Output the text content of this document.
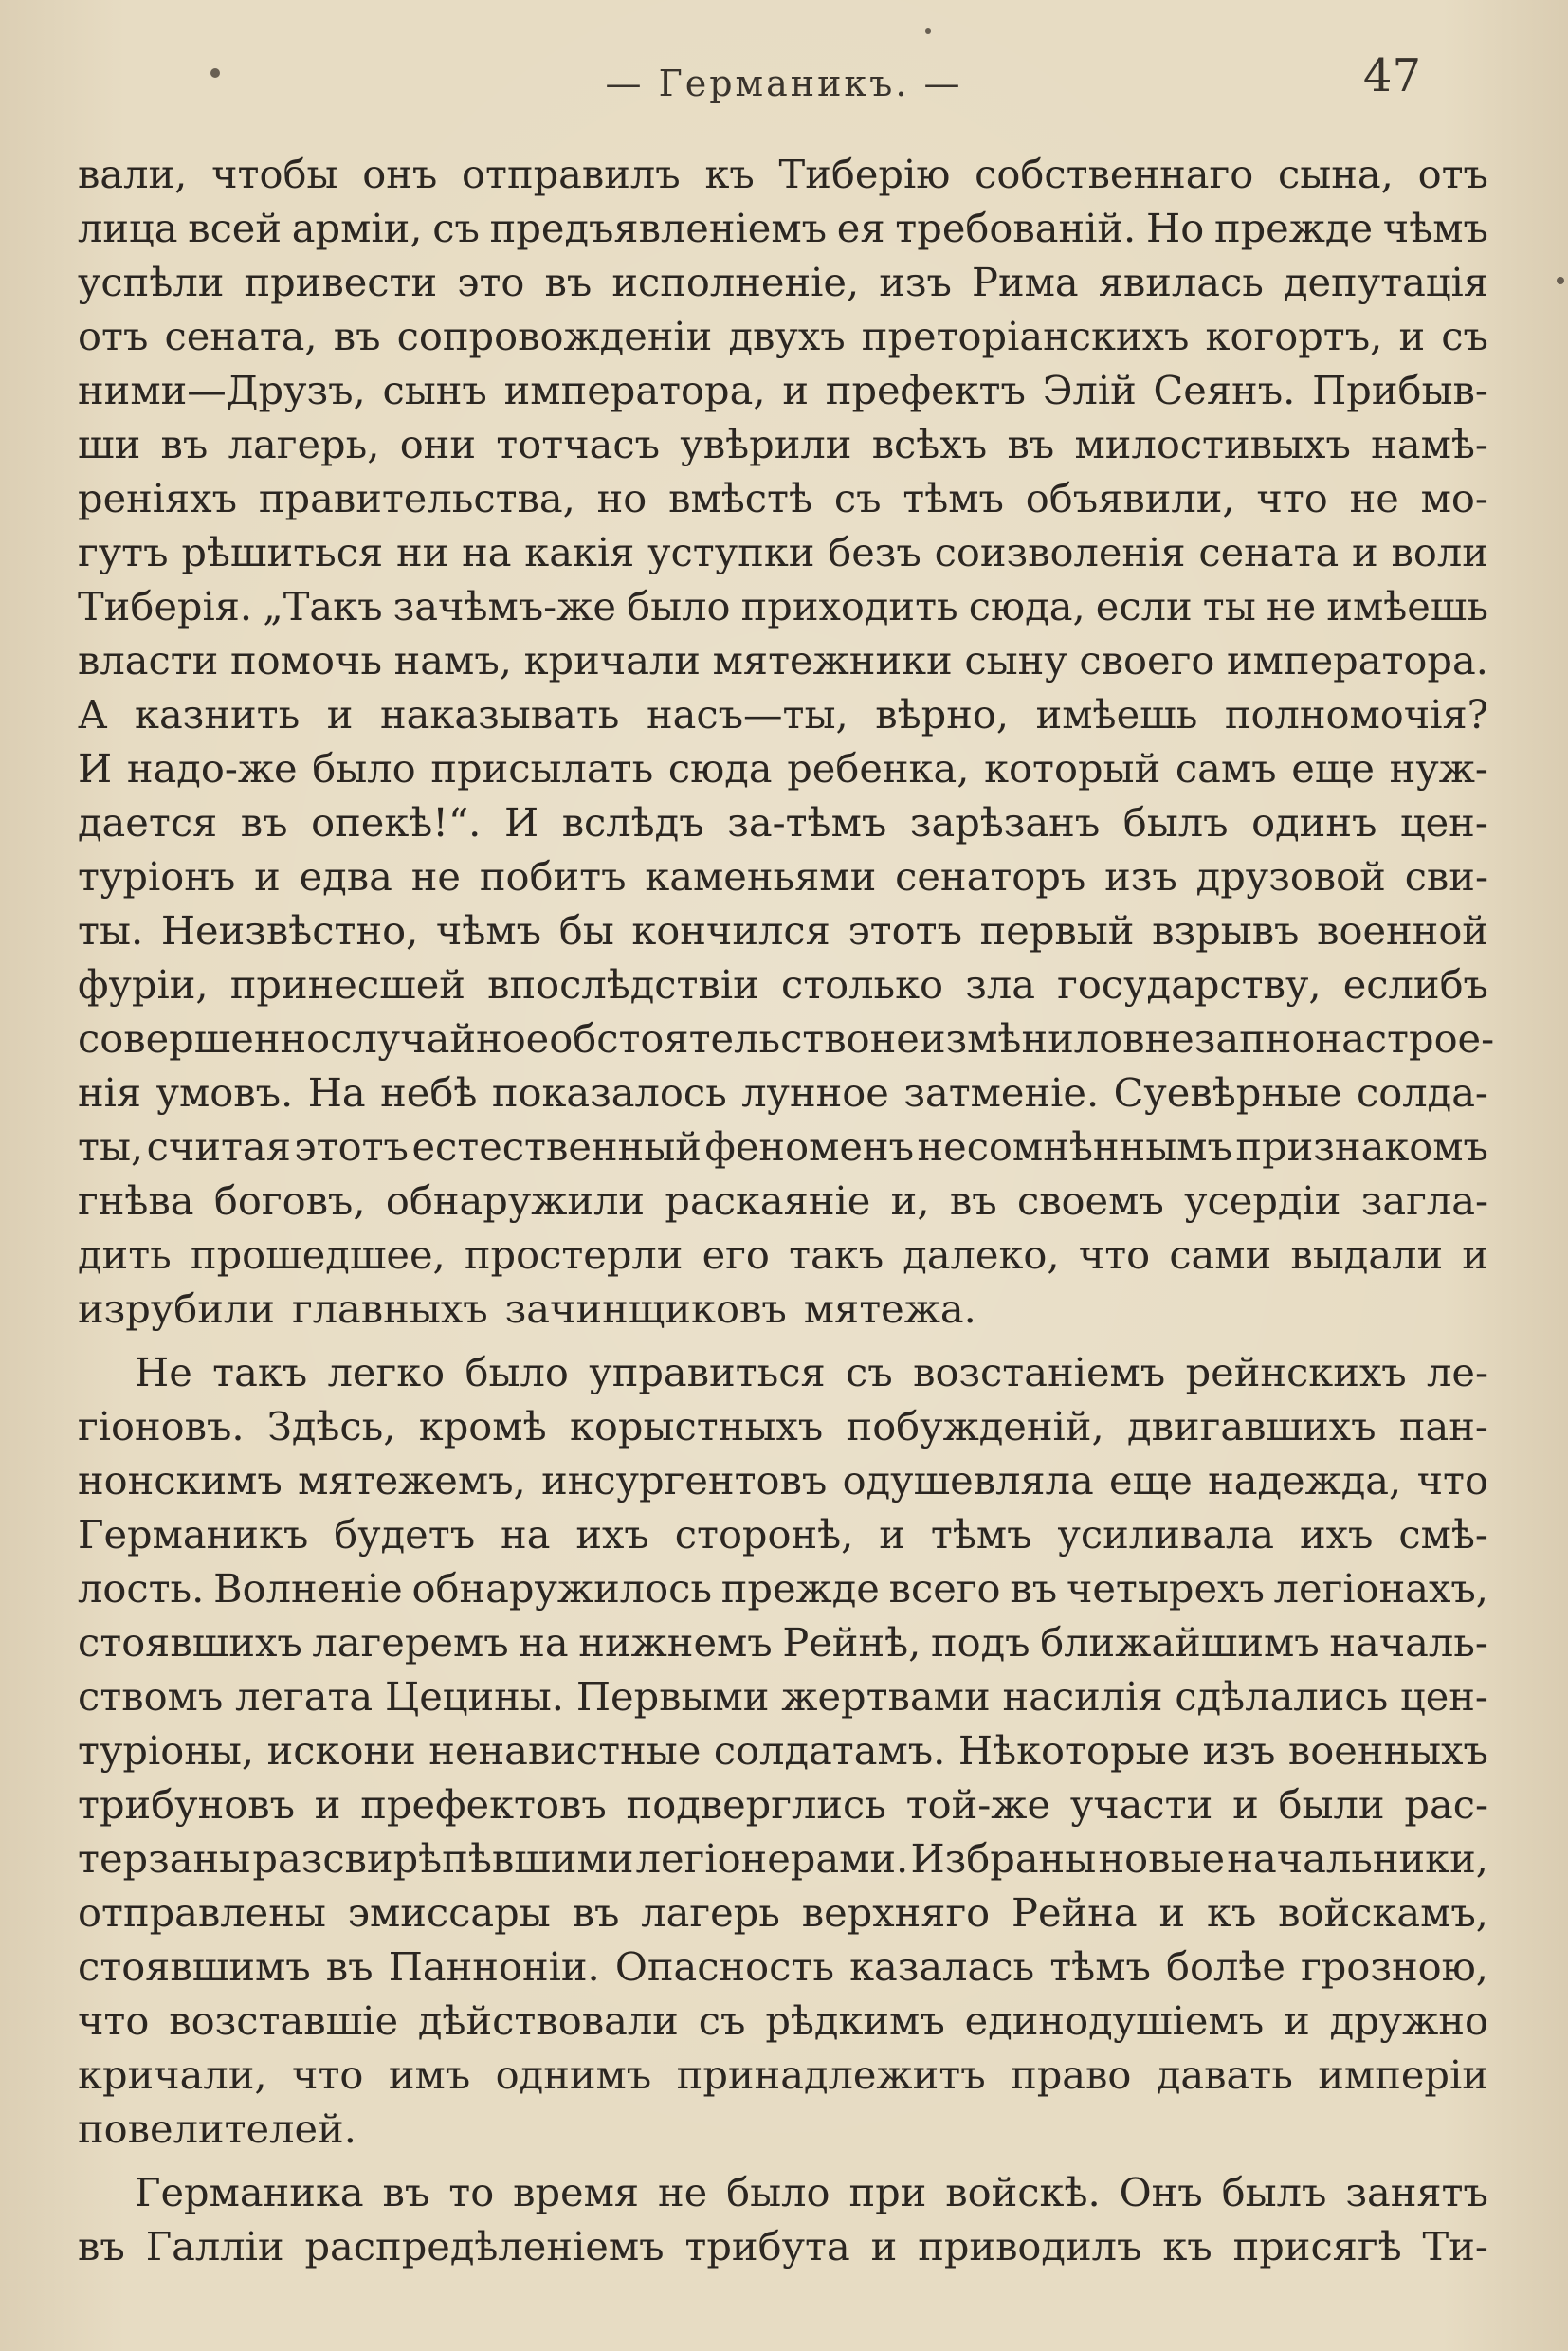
— Германикъ. —	47
вали, чтобы онъ отправилъ къ Тиберію собственнаго сына, отъ
лица всей арміи, съ предъявленіемъ ея требованій. Но прежде чѣмъ
успѣли привести это въ исполненіе, изъ Рима явилась депутація
отъ сената, въ сопровожденіи двухъ преторіанскихъ когортъ, и съ
ними—Друзъ, сынъ императора, и префектъ Элій Сеянъ. Прибыв-
ши въ лагерь, они тотчасъ увѣрили всѣхъ въ милостивыхъ намѣ-
реніяхъ правительства, но вмѣстѣ съ тѣмъ объявили, что не мо-
гутъ рѣшиться ни на какія уступки безъ соизволенія сената и воли
Тиберія. „Такъ зачѣмъ-же было приходить сюда, если ты не имѣешь
власти помочь намъ, кричали мятежники сыну своего императора.
А казнить и наказывать насъ—ты, вѣрно, имѣешь полномочія?
И надо-же было присылать сюда ребенка, который самъ еще нуж-
дается въ опекѣ!“. И вслѣдъ за-тѣмъ зарѣзанъ былъ одинъ цен-
туріонъ и едва не побитъ каменьями сенаторъ изъ друзовой сви-
ты. Неизвѣстно, чѣмъ бы кончился этотъ первый взрывъ военной
фуріи, принесшей впослѣдствіи столько зла государству, еслибъ
совершенно случайное обстоятельство не измѣнило внезапно настрое-
нія умовъ. На небѣ показалось лунное затменіе. Суевѣрные солда-
ты, считая этотъ естественный феноменъ несомнѣннымъ признакомъ
гнѣва боговъ, обнаружили раскаяніе и, въ своемъ усердіи загла-
дить прошедшее, простерли его такъ далеко, что сами выдали и
изрубили главныхъ зачинщиковъ мятежа.
Не такъ легко было управиться съ возстаніемъ рейнскихъ ле-
гіоновъ. Здѣсь, кромѣ корыстныхъ побужденій, двигавшихъ пан-
нонскимъ мятежемъ, инсургентовъ одушевляла еще надежда, что
Германикъ будетъ на ихъ сторонѣ, и тѣмъ усиливала ихъ смѣ-
лость. Волненіе обнаружилось прежде всего въ четырехъ легіонахъ,
стоявшихъ лагеремъ на нижнемъ Рейнѣ, подъ ближайшимъ началь-
ствомъ легата Цецины. Первыми жертвами насилія сдѣлались цен-
туріоны, искони ненавистные солдатамъ. Нѣкоторые изъ военныхъ
трибуновъ и префектовъ подверглись той-же участи и были рас-
терзаны разсвирѣпѣвшими легіонерами. Избраны новые начальники,
отправлены эмиссары въ лагерь верхняго Рейна и къ войскамъ,
стоявшимъ въ Панноніи. Опасность казалась тѣмъ болѣе грозною,
что возставшіе дѣйствовали съ рѣдкимъ единодушіемъ и дружно
кричали, что имъ однимъ принадлежитъ право давать имперіи
повелителей.
Германика въ то время не было при войскѣ. Онъ былъ занятъ
въ Галліи распредѣленіемъ трибута и приводилъ къ присягѣ Ти-
